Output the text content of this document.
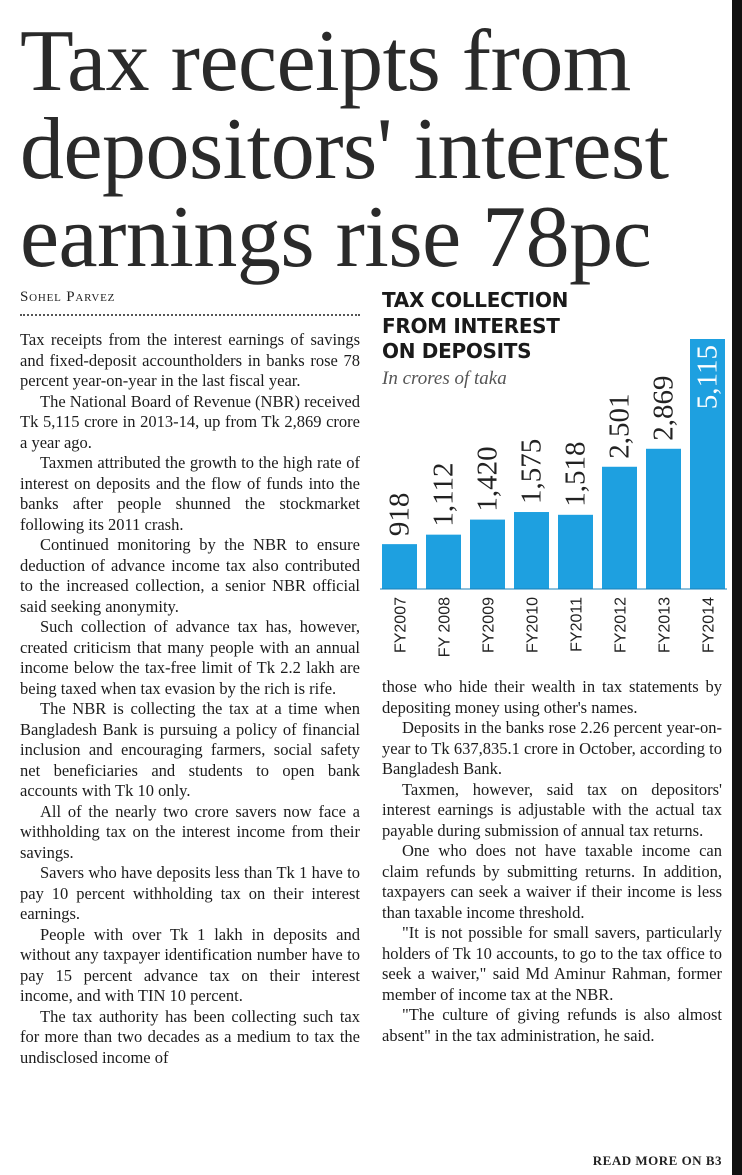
Tax receipts from
depositors' interest
earnings rise 78pc
Sohel Parvez

Tax receipts from the interest earnings of savings and fixed-deposit accountholders in banks rose 78 percent year-on-year in the last fiscal year.

The National Board of Revenue (NBR) received Tk 5,115 crore in 2013-14, up from Tk 2,869 crore a year ago.

Taxmen attributed the growth to the high rate of interest on deposits and the flow of funds into the banks after people shunned the stockmarket following its 2011 crash.

Continued monitoring by the NBR to ensure deduction of advance income tax also contributed to the increased collection, a senior NBR official said seeking anonymity.

Such collection of advance tax has, however, created criticism that many people with an annual income below the tax-free limit of Tk 2.2 lakh are being taxed when tax evasion by the rich is rife.

The NBR is collecting the tax at a time when Bangladesh Bank is pursuing a policy of financial inclusion and encouraging farmers, social safety net beneficiaries and students to open bank accounts with Tk 10 only.

All of the nearly two crore savers now face a withholding tax on the interest income from their savings.

Savers who have deposits less than Tk 1 have to pay 10 percent withholding tax on their interest earnings.

People with over Tk 1 lakh in deposits and without any taxpayer identification number have to pay 15 percent advance tax on their interest income, and with TIN 10 percent.

The tax authority has been collecting such tax for more than two decades as a medium to tax the undisclosed income of

TAX COLLECTION
FROM INTEREST
ON DEPOSITS
In crores of taka
918
FY2007
1,112
FY 2008
1,420
FY2009
1,575
FY2010
1,518
FY2011
2,501
FY2012
2,869
FY2013
5,115
FY2014

those who hide their wealth in tax statements by depositing money using other's names.

Deposits in the banks rose 2.26 percent year-on-year to Tk 637,835.1 crore in October, according to Bangladesh Bank.

Taxmen, however, said tax on depositors' interest earnings is adjustable with the actual tax payable during submission of annual tax returns.

One who does not have taxable income can claim refunds by submitting returns. In addition, taxpayers can seek a waiver if their income is less than taxable income threshold.

"It is not possible for small savers, particularly holders of Tk 10 accounts, to go to the tax office to seek a waiver," said Md Aminur Rahman, former member of income tax at the NBR.

"The culture of giving refunds is also almost absent" in the tax administration, he said.

READ MORE ON B3
